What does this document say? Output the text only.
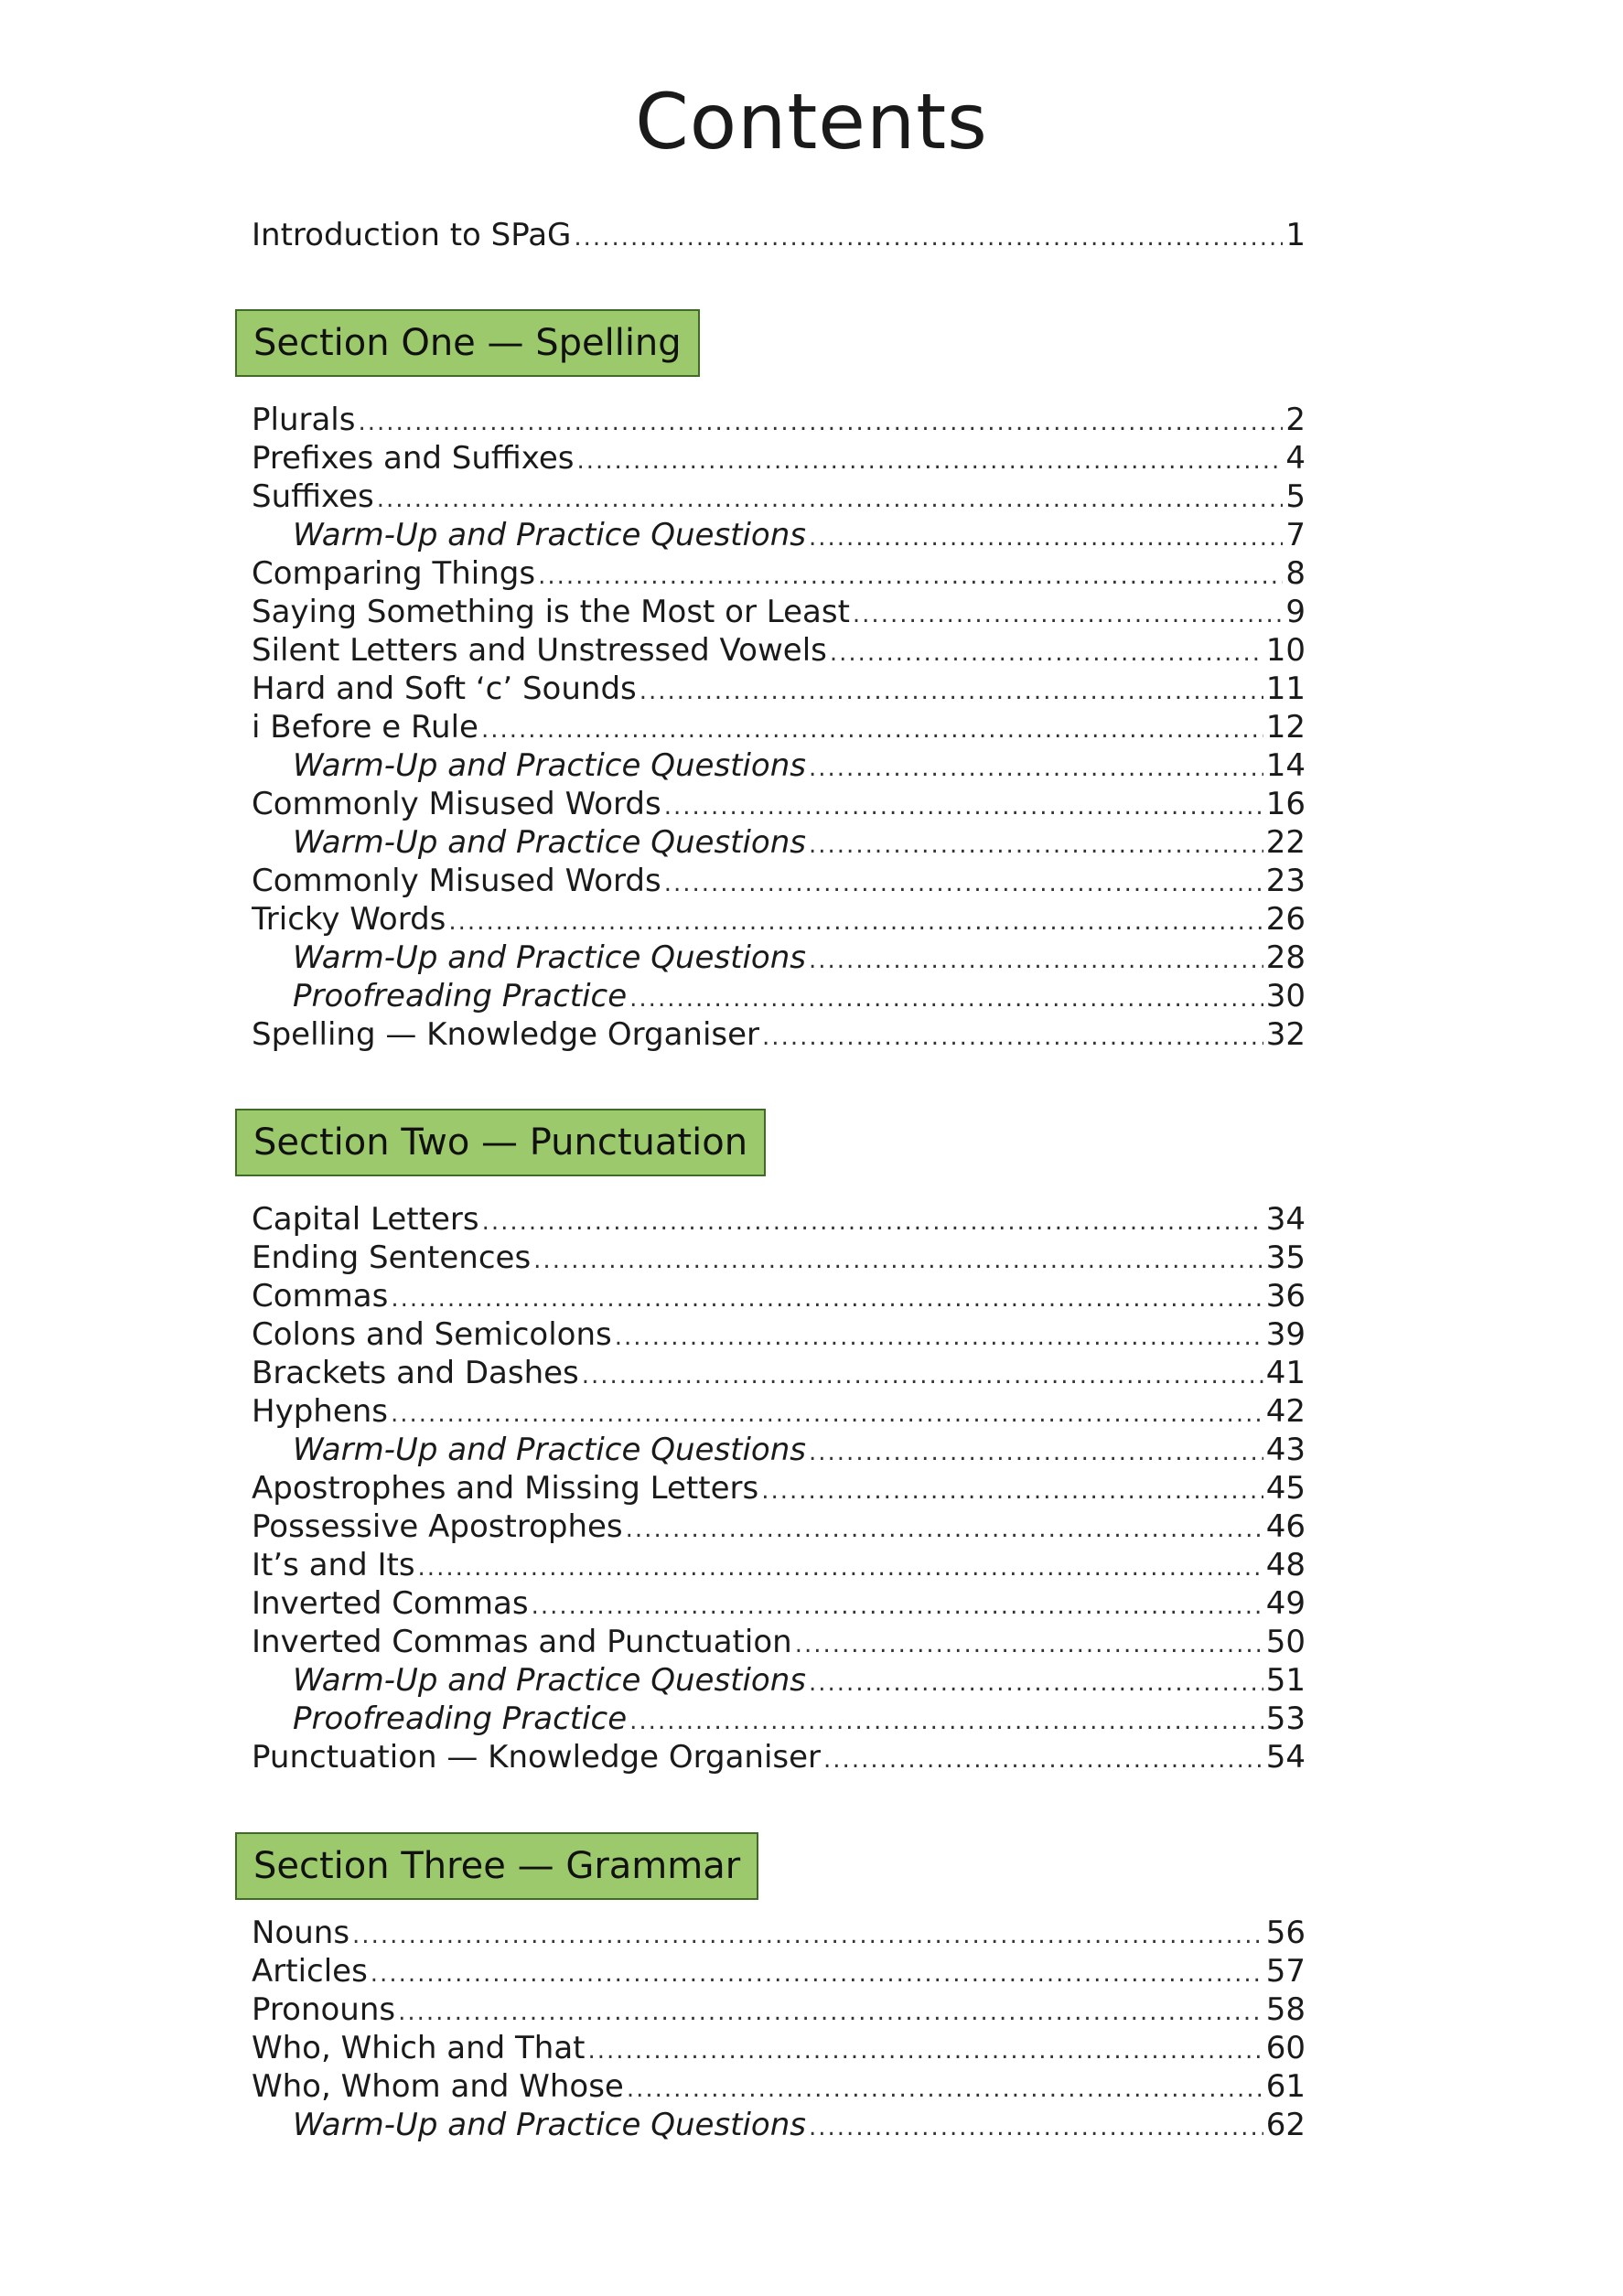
Contents
Introduction to SPaG .....	1
Section One — Spelling
Plurals .....	2
Prefixes and Suffixes .....	4
Suffixes .....	5
Warm-Up and Practice Questions .....	7
Comparing Things .....	8
Saying Something is the Most or Least .....	9
Silent Letters and Unstressed Vowels .....	10
Hard and Soft ‘c’ Sounds .....	11
i Before e Rule .....	12
Warm-Up and Practice Questions .....	14
Commonly Misused Words .....	16
Warm-Up and Practice Questions .....	22
Commonly Misused Words .....	23
Tricky Words .....	26
Warm-Up and Practice Questions .....	28
Proofreading Practice .....	30
Spelling — Knowledge Organiser .....	32
Section Two — Punctuation
Capital Letters .....	34
Ending Sentences .....	35
Commas .....	36
Colons and Semicolons .....	39
Brackets and Dashes .....	41
Hyphens .....	42
Warm-Up and Practice Questions .....	43
Apostrophes and Missing Letters .....	45
Possessive Apostrophes .....	46
It’s and Its .....	48
Inverted Commas .....	49
Inverted Commas and Punctuation .....	50
Warm-Up and Practice Questions .....	51
Proofreading Practice .....	53
Punctuation — Knowledge Organiser .....	54
Section Three — Grammar
Nouns .....	56
Articles .....	57
Pronouns .....	58
Who, Which and That .....	60
Who, Whom and Whose .....	61
Warm-Up and Practice Questions .....	62
